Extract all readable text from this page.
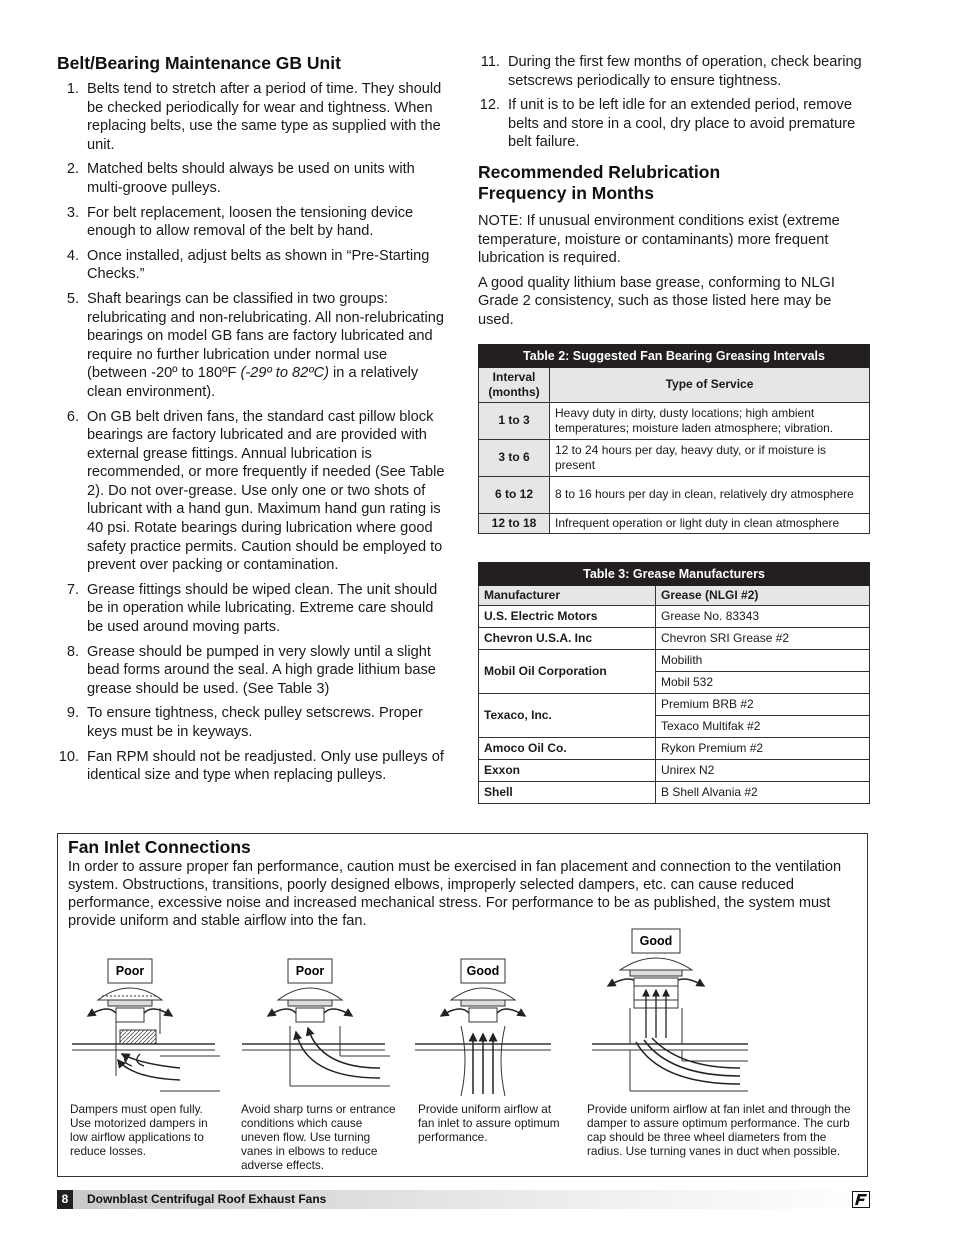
Belt/Bearing Maintenance GB Unit
1. Belts tend to stretch after a period of time. They should be checked periodically for wear and tightness. When replacing belts, use the same type as supplied with the unit.
2. Matched belts should always be used on units with multi-groove pulleys.
3. For belt replacement, loosen the tensioning device enough to allow removal of the belt by hand.
4. Once installed, adjust belts as shown in “Pre-Starting Checks.”
5. Shaft bearings can be classified in two groups: relubricating and non-relubricating. All non-relubricating bearings on model GB fans are factory lubricated and require no further lubrication under normal use (between -20º to 180ºF (-29º to 82ºC) in a relatively clean environment).
6. On GB belt driven fans, the standard cast pillow block bearings are factory lubricated and are provided with external grease fittings. Annual lubrication is recommended, or more frequently if needed (See Table 2). Do not over-grease. Use only one or two shots of lubricant with a hand gun. Maximum hand gun rating is 40 psi. Rotate bearings during lubrication where good safety practice permits. Caution should be employed to prevent over packing or contamination.
7. Grease fittings should be wiped clean. The unit should be in operation while lubricating. Extreme care should be used around moving parts.
8. Grease should be pumped in very slowly until a slight bead forms around the seal. A high grade lithium base grease should be used. (See Table 3)
9. To ensure tightness, check pulley setscrews. Proper keys must be in keyways.
10. Fan RPM should not be readjusted. Only use pulleys of identical size and type when replacing pulleys.
11. During the first few months of operation, check bearing setscrews periodically to ensure tightness.
12. If unit is to be left idle for an extended period, remove belts and store in a cool, dry place to avoid premature belt failure.
Recommended Relubrication
Frequency in Months

NOTE: If unusual environment conditions exist (extreme temperature, moisture or contaminants) more frequent lubrication is required.

A good quality lithium base grease, conforming to NLGI Grade 2 consistency, such as those listed here may be used.

Table 2: Suggested Fan Bearing Greasing Intervals	
Interval
(months)	Type of Service
1 to 3	Heavy duty in dirty, dusty locations; high ambient temperatures; moisture laden atmosphere; vibration.
3 to 6	12 to 24 hours per day, heavy duty, or if moisture is present
6 to 12	8 to 16 hours per day in clean, relatively dry atmosphere
12 to 18	Infrequent operation or light duty in clean atmosphere
Table 3: Grease Manufacturers	
Manufacturer	Grease (NLGI #2)
U.S. Electric Motors	Grease No. 83343
Chevron U.S.A. Inc	Chevron SRI Grease #2
Mobil Oil Corporation	Mobilith
	Mobil 532
Texaco, Inc.	Premium BRB #2
	Texaco Multifak #2
Amoco Oil Co.	Rykon Premium #2
Exxon	Unirex N2
Shell	B Shell Alvania #2
Fan Inlet Connections

In order to assure proper fan performance, caution must be exercised in fan placement and connection to the ventilation system. Obstructions, transitions, poorly designed elbows, improperly selected dampers, etc. can cause reduced performance, excessive noise and increased mechanical stress. For performance to be as published, the system must provide uniform and stable airflow into the fan.

Poor	Poor	Good
Good

Dampers must open fully. Use motorized dampers in low airflow applications to reduce losses.

Avoid sharp turns or entrance conditions which cause uneven flow. Use turning vanes in elbows to reduce adverse effects.

Provide uniform airflow at fan inlet to assure optimum performance.

Provide uniform airflow at fan inlet and through the damper to assure optimum performance. The curb cap should be three wheel diameters from the radius. Use turning vanes in duct when possible.

8	Downblast Centrifugal Roof Exhaust Fans
